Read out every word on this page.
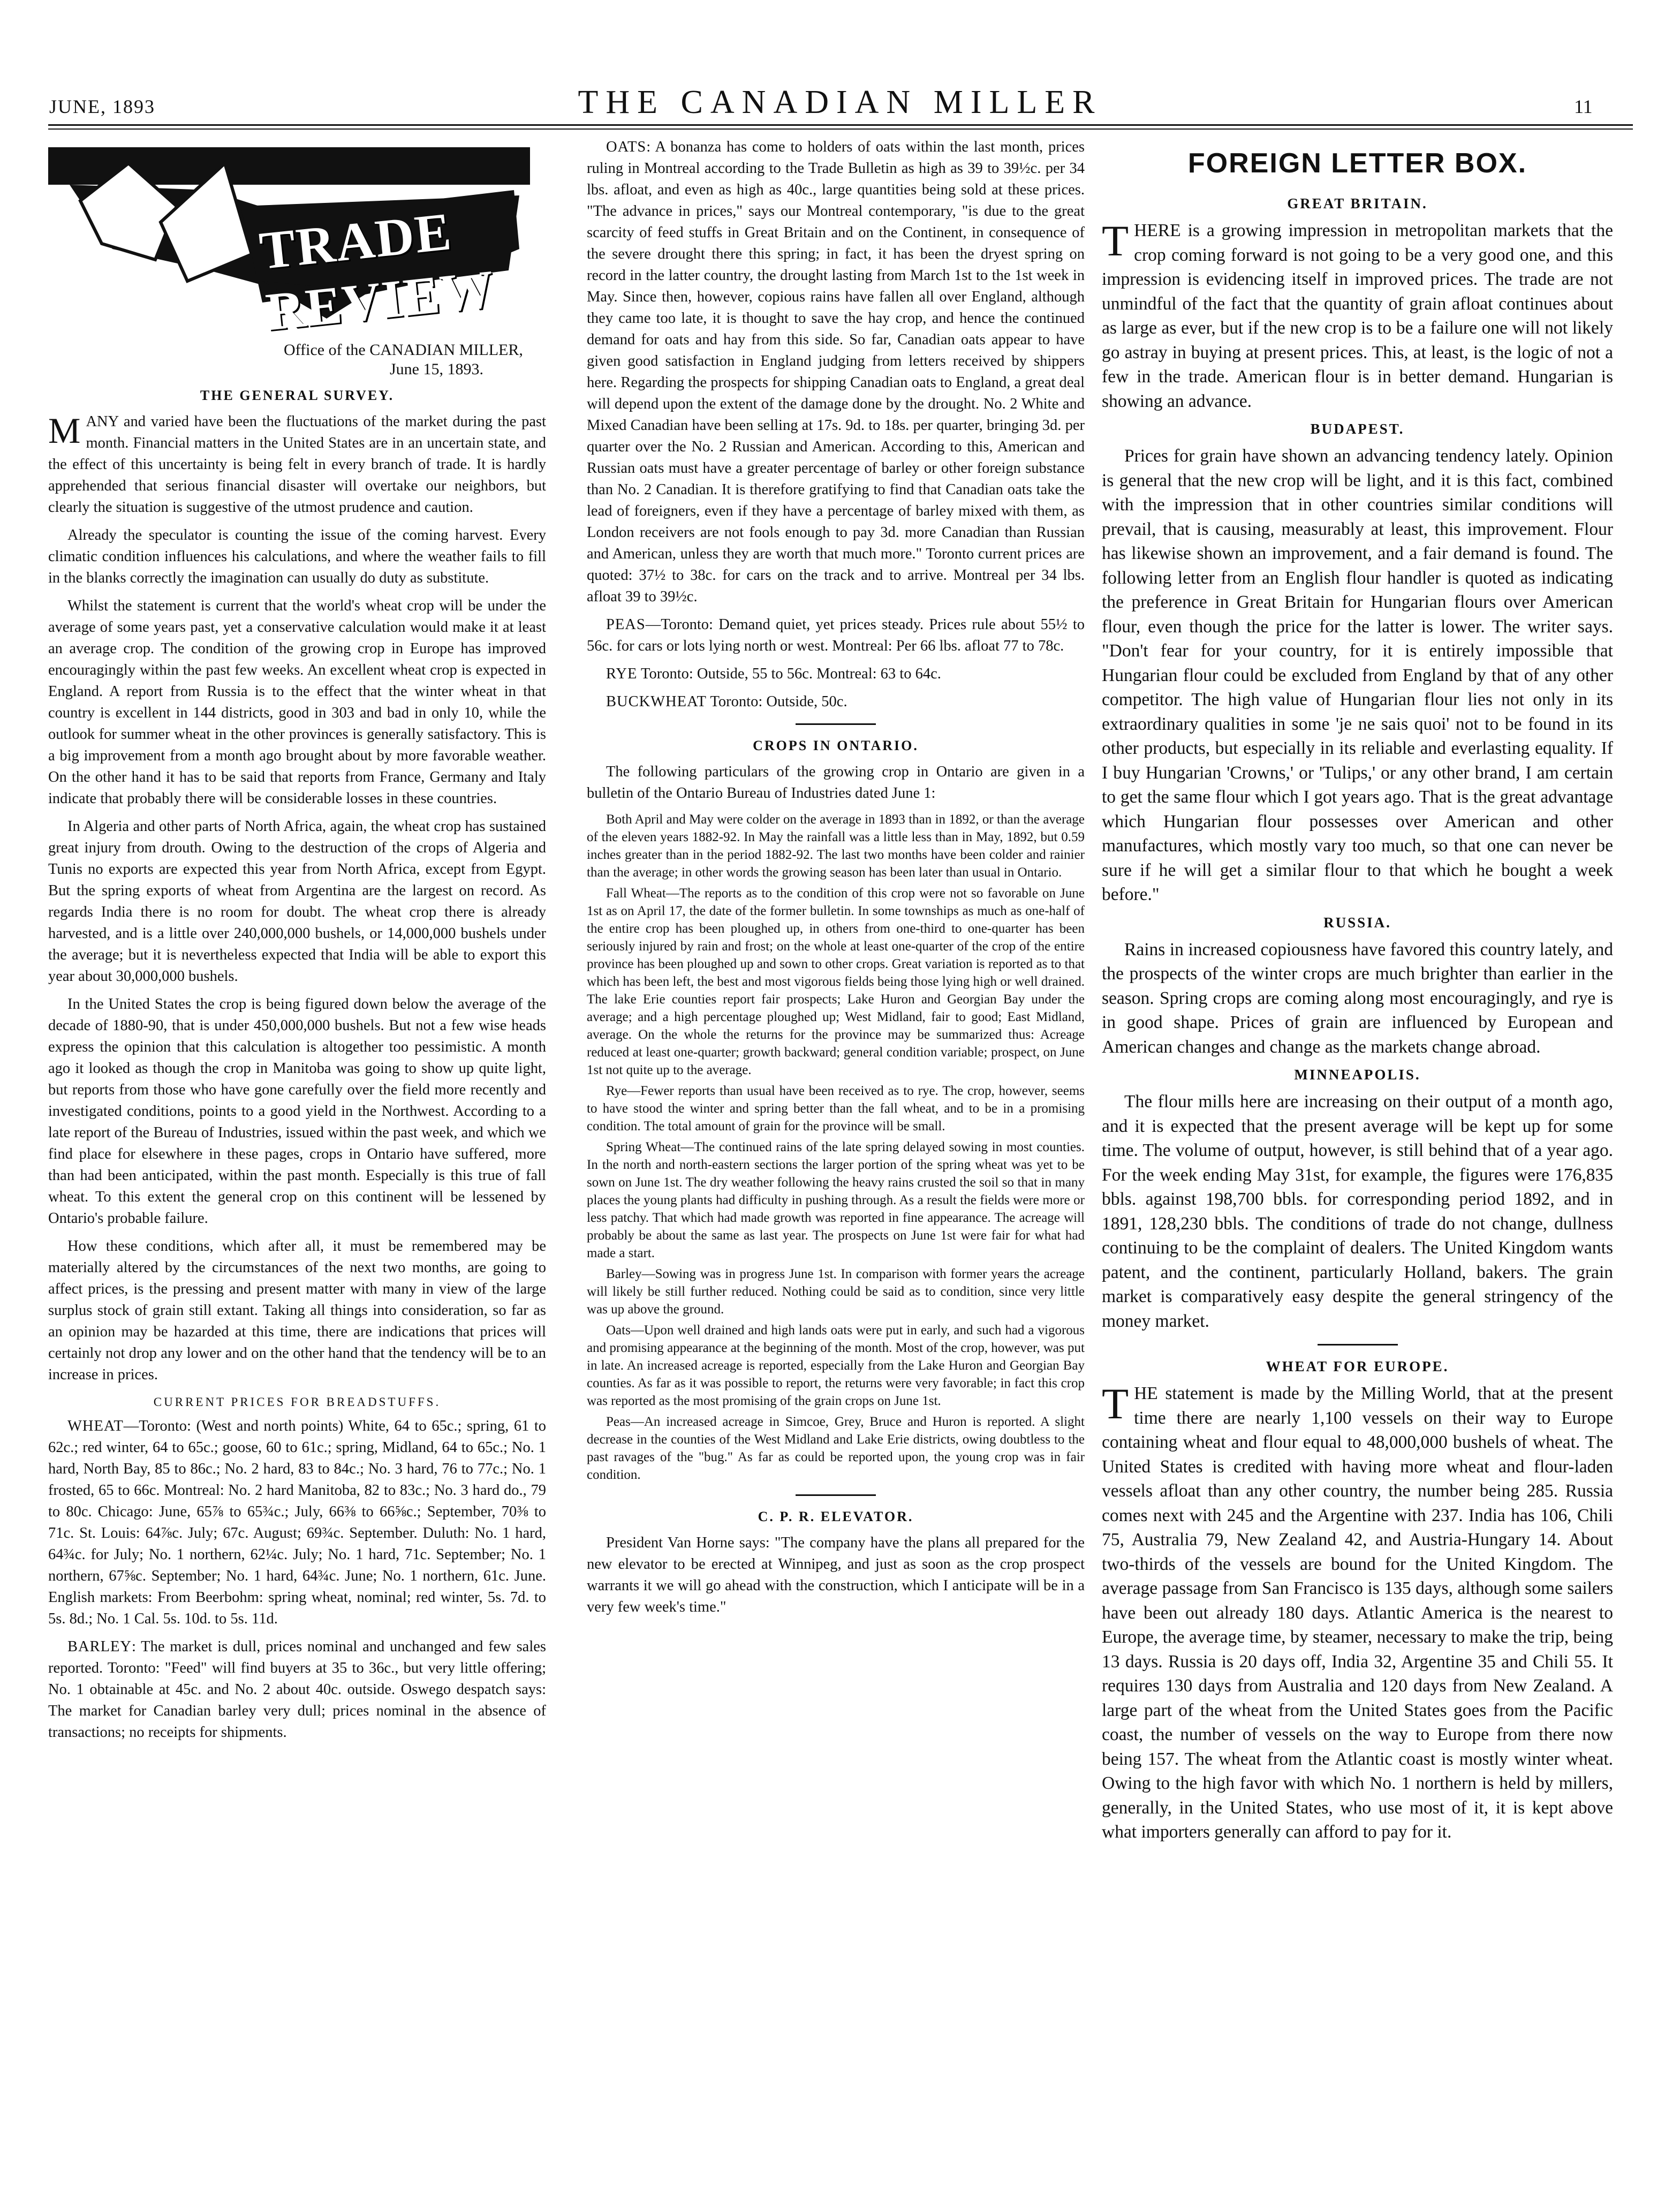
JUNE, 1893	THE CANADIAN MILLER	11
TRADE REVIEW
Office of the CANADIAN MILLER,
June 15, 1893.
THE GENERAL SURVEY.

MANY and varied have been the fluctuations of the market during the past month. Financial matters in the United States are in an uncertain state, and the effect of this uncertainty is being felt in every branch of trade. It is hardly apprehended that serious financial disaster will overtake our neighbors, but clearly the situation is suggestive of the utmost prudence and caution.

Already the speculator is counting the issue of the coming harvest. Every climatic condition influences his calculations, and where the weather fails to fill in the blanks correctly the imagination can usually do duty as substitute.

Whilst the statement is current that the world's wheat crop will be under the average of some years past, yet a conservative calculation would make it at least an average crop. The condition of the growing crop in Europe has improved encouragingly within the past few weeks. An excellent wheat crop is expected in England. A report from Russia is to the effect that the winter wheat in that country is excellent in 144 districts, good in 303 and bad in only 10, while the outlook for summer wheat in the other provinces is generally satisfactory. This is a big improvement from a month ago brought about by more favorable weather. On the other hand it has to be said that reports from France, Germany and Italy indicate that probably there will be considerable losses in these countries.

In Algeria and other parts of North Africa, again, the wheat crop has sustained great injury from drouth. Owing to the destruction of the crops of Algeria and Tunis no exports are expected this year from North Africa, except from Egypt. But the spring exports of wheat from Argentina are the largest on record. As regards India there is no room for doubt. The wheat crop there is already harvested, and is a little over 240,000,000 bushels, or 14,000,000 bushels under the average; but it is nevertheless expected that India will be able to export this year about 30,000,000 bushels.

In the United States the crop is being figured down below the average of the decade of 1880-90, that is under 450,000,000 bushels. But not a few wise heads express the opinion that this calculation is altogether too pessimistic. A month ago it looked as though the crop in Manitoba was going to show up quite light, but reports from those who have gone carefully over the field more recently and investigated conditions, points to a good yield in the Northwest. According to a late report of the Bureau of Industries, issued within the past week, and which we find place for elsewhere in these pages, crops in Ontario have suffered, more than had been anticipated, within the past month. Especially is this true of fall wheat. To this extent the general crop on this continent will be lessened by Ontario's probable failure.

How these conditions, which after all, it must be remembered may be materially altered by the circumstances of the next two months, are going to affect prices, is the pressing and present matter with many in view of the large surplus stock of grain still extant. Taking all things into consideration, so far as an opinion may be hazarded at this time, there are indications that prices will certainly not drop any lower and on the other hand that the tendency will be to an increase in prices.

CURRENT PRICES FOR BREADSTUFFS.

WHEAT—Toronto: (West and north points) White, 64 to 65c.; spring, 61 to 62c.; red winter, 64 to 65c.; goose, 60 to 61c.; spring, Midland, 64 to 65c.; No. 1 hard, North Bay, 85 to 86c.; No. 2 hard, 83 to 84c.; No. 3 hard, 76 to 77c.; No. 1 frosted, 65 to 66c. Montreal: No. 2 hard Manitoba, 82 to 83c.; No. 3 hard do., 79 to 80c. Chicago: June, 65⅞ to 65¾c.; July, 66⅜ to 66⅝c.; September, 70⅜ to 71c. St. Louis: 64⅞c. July; 67c. August; 69¾c. September. Duluth: No. 1 hard, 64¾c. for July; No. 1 northern, 62¼c. July; No. 1 hard, 71c. September; No. 1 northern, 67⅝c. September; No. 1 hard, 64¾c. June; No. 1 northern, 61c. June. English markets: From Beerbohm: spring wheat, nominal; red winter, 5s. 7d. to 5s. 8d.; No. 1 Cal. 5s. 10d. to 5s. 11d.

BARLEY: The market is dull, prices nominal and unchanged and few sales reported. Toronto: "Feed" will find buyers at 35 to 36c., but very little offering; No. 1 obtainable at 45c. and No. 2 about 40c. outside. Oswego despatch says: The market for Canadian barley very dull; prices nominal in the absence of transactions; no receipts for shipments.

OATS: A bonanza has come to holders of oats within the last month, prices ruling in Montreal according to the Trade Bulletin as high as 39 to 39½c. per 34 lbs. afloat, and even as high as 40c., large quantities being sold at these prices. "The advance in prices," says our Montreal contemporary, "is due to the great scarcity of feed stuffs in Great Britain and on the Continent, in consequence of the severe drought there this spring; in fact, it has been the dryest spring on record in the latter country, the drought lasting from March 1st to the 1st week in May. Since then, however, copious rains have fallen all over England, although they came too late, it is thought to save the hay crop, and hence the continued demand for oats and hay from this side. So far, Canadian oats appear to have given good satisfaction in England judging from letters received by shippers here. Regarding the prospects for shipping Canadian oats to England, a great deal will depend upon the extent of the damage done by the drought. No. 2 White and Mixed Canadian have been selling at 17s. 9d. to 18s. per quarter, bringing 3d. per quarter over the No. 2 Russian and American. According to this, American and Russian oats must have a greater percentage of barley or other foreign substance than No. 2 Canadian. It is therefore gratifying to find that Canadian oats take the lead of foreigners, even if they have a percentage of barley mixed with them, as London receivers are not fools enough to pay 3d. more Canadian than Russian and American, unless they are worth that much more." Toronto current prices are quoted: 37½ to 38c. for cars on the track and to arrive. Montreal per 34 lbs. afloat 39 to 39½c.

PEAS—Toronto: Demand quiet, yet prices steady. Prices rule about 55½ to 56c. for cars or lots lying north or west. Montreal: Per 66 lbs. afloat 77 to 78c.

RYE Toronto: Outside, 55 to 56c. Montreal: 63 to 64c.

BUCKWHEAT Toronto: Outside, 50c.

CROPS IN ONTARIO.

The following particulars of the growing crop in Ontario are given in a bulletin of the Ontario Bureau of Industries dated June 1:

Both April and May were colder on the average in 1893 than in 1892, or than the average of the eleven years 1882-92. In May the rainfall was a little less than in May, 1892, but 0.59 inches greater than in the period 1882-92. The last two months have been colder and rainier than the average; in other words the growing season has been later than usual in Ontario.

Fall Wheat—The reports as to the condition of this crop were not so favorable on June 1st as on April 17, the date of the former bulletin. In some townships as much as one-half of the entire crop has been ploughed up, in others from one-third to one-quarter has been seriously injured by rain and frost; on the whole at least one-quarter of the crop of the entire province has been ploughed up and sown to other crops. Great variation is reported as to that which has been left, the best and most vigorous fields being those lying high or well drained. The lake Erie counties report fair prospects; Lake Huron and Georgian Bay under the average; and a high percentage ploughed up; West Midland, fair to good; East Midland, average. On the whole the returns for the province may be summarized thus: Acreage reduced at least one-quarter; growth backward; general condition variable; prospect, on June 1st not quite up to the average.

Rye—Fewer reports than usual have been received as to rye. The crop, however, seems to have stood the winter and spring better than the fall wheat, and to be in a promising condition. The total amount of grain for the province will be small.

Spring Wheat—The continued rains of the late spring delayed sowing in most counties. In the north and north-eastern sections the larger portion of the spring wheat was yet to be sown on June 1st. The dry weather following the heavy rains crusted the soil so that in many places the young plants had difficulty in pushing through. As a result the fields were more or less patchy. That which had made growth was reported in fine appearance. The acreage will probably be about the same as last year. The prospects on June 1st were fair for what had made a start.

Barley—Sowing was in progress June 1st. In comparison with former years the acreage will likely be still further reduced. Nothing could be said as to condition, since very little was up above the ground.

Oats—Upon well drained and high lands oats were put in early, and such had a vigorous and promising appearance at the beginning of the month. Most of the crop, however, was put in late. An increased acreage is reported, especially from the Lake Huron and Georgian Bay counties. As far as it was possible to report, the returns were very favorable; in fact this crop was reported as the most promising of the grain crops on June 1st.

Peas—An increased acreage in Simcoe, Grey, Bruce and Huron is reported. A slight decrease in the counties of the West Midland and Lake Erie districts, owing doubtless to the past ravages of the "bug." As far as could be reported upon, the young crop was in fair condition.

C. P. R. ELEVATOR.

President Van Horne says: "The company have the plans all prepared for the new elevator to be erected at Winnipeg, and just as soon as the crop prospect warrants it we will go ahead with the construction, which I anticipate will be in a very few week's time."

FOREIGN LETTER BOX.
GREAT BRITAIN.

THERE is a growing impression in metropolitan markets that the crop coming forward is not going to be a very good one, and this impression is evidencing itself in improved prices. The trade are not unmindful of the fact that the quantity of grain afloat continues about as large as ever, but if the new crop is to be a failure one will not likely go astray in buying at present prices. This, at least, is the logic of not a few in the trade. American flour is in better demand. Hungarian is showing an advance.

BUDAPEST.

Prices for grain have shown an advancing tendency lately. Opinion is general that the new crop will be light, and it is this fact, combined with the impression that in other countries similar conditions will prevail, that is causing, measurably at least, this improvement. Flour has likewise shown an improvement, and a fair demand is found. The following letter from an English flour handler is quoted as indicating the preference in Great Britain for Hungarian flours over American flour, even though the price for the latter is lower. The writer says. "Don't fear for your country, for it is entirely impossible that Hungarian flour could be excluded from England by that of any other competitor. The high value of Hungarian flour lies not only in its extraordinary qualities in some 'je ne sais quoi' not to be found in its other products, but especially in its reliable and everlasting equality. If I buy Hungarian 'Crowns,' or 'Tulips,' or any other brand, I am certain to get the same flour which I got years ago. That is the great advantage which Hungarian flour possesses over American and other manufactures, which mostly vary too much, so that one can never be sure if he will get a similar flour to that which he bought a week before."

RUSSIA.

Rains in increased copiousness have favored this country lately, and the prospects of the winter crops are much brighter than earlier in the season. Spring crops are coming along most encouragingly, and rye is in good shape. Prices of grain are influenced by European and American changes and change as the markets change abroad.

MINNEAPOLIS.

The flour mills here are increasing on their output of a month ago, and it is expected that the present average will be kept up for some time. The volume of output, however, is still behind that of a year ago. For the week ending May 31st, for example, the figures were 176,835 bbls. against 198,700 bbls. for corresponding period 1892, and in 1891, 128,230 bbls. The conditions of trade do not change, dullness continuing to be the complaint of dealers. The United Kingdom wants patent, and the continent, particularly Holland, bakers. The grain market is comparatively easy despite the general stringency of the money market.

WHEAT FOR EUROPE.

THE statement is made by the Milling World, that at the present time there are nearly 1,100 vessels on their way to Europe containing wheat and flour equal to 48,000,000 bushels of wheat. The United States is credited with having more wheat and flour-laden vessels afloat than any other country, the number being 285. Russia comes next with 245 and the Argentine with 237. India has 106, Chili 75, Australia 79, New Zealand 42, and Austria-Hungary 14. About two-thirds of the vessels are bound for the United Kingdom. The average passage from San Francisco is 135 days, although some sailers have been out already 180 days. Atlantic America is the nearest to Europe, the average time, by steamer, necessary to make the trip, being 13 days. Russia is 20 days off, India 32, Argentine 35 and Chili 55. It requires 130 days from Australia and 120 days from New Zealand. A large part of the wheat from the United States goes from the Pacific coast, the number of vessels on the way to Europe from there now being 157. The wheat from the Atlantic coast is mostly winter wheat. Owing to the high favor with which No. 1 northern is held by millers, generally, in the United States, who use most of it, it is kept above what importers generally can afford to pay for it.
